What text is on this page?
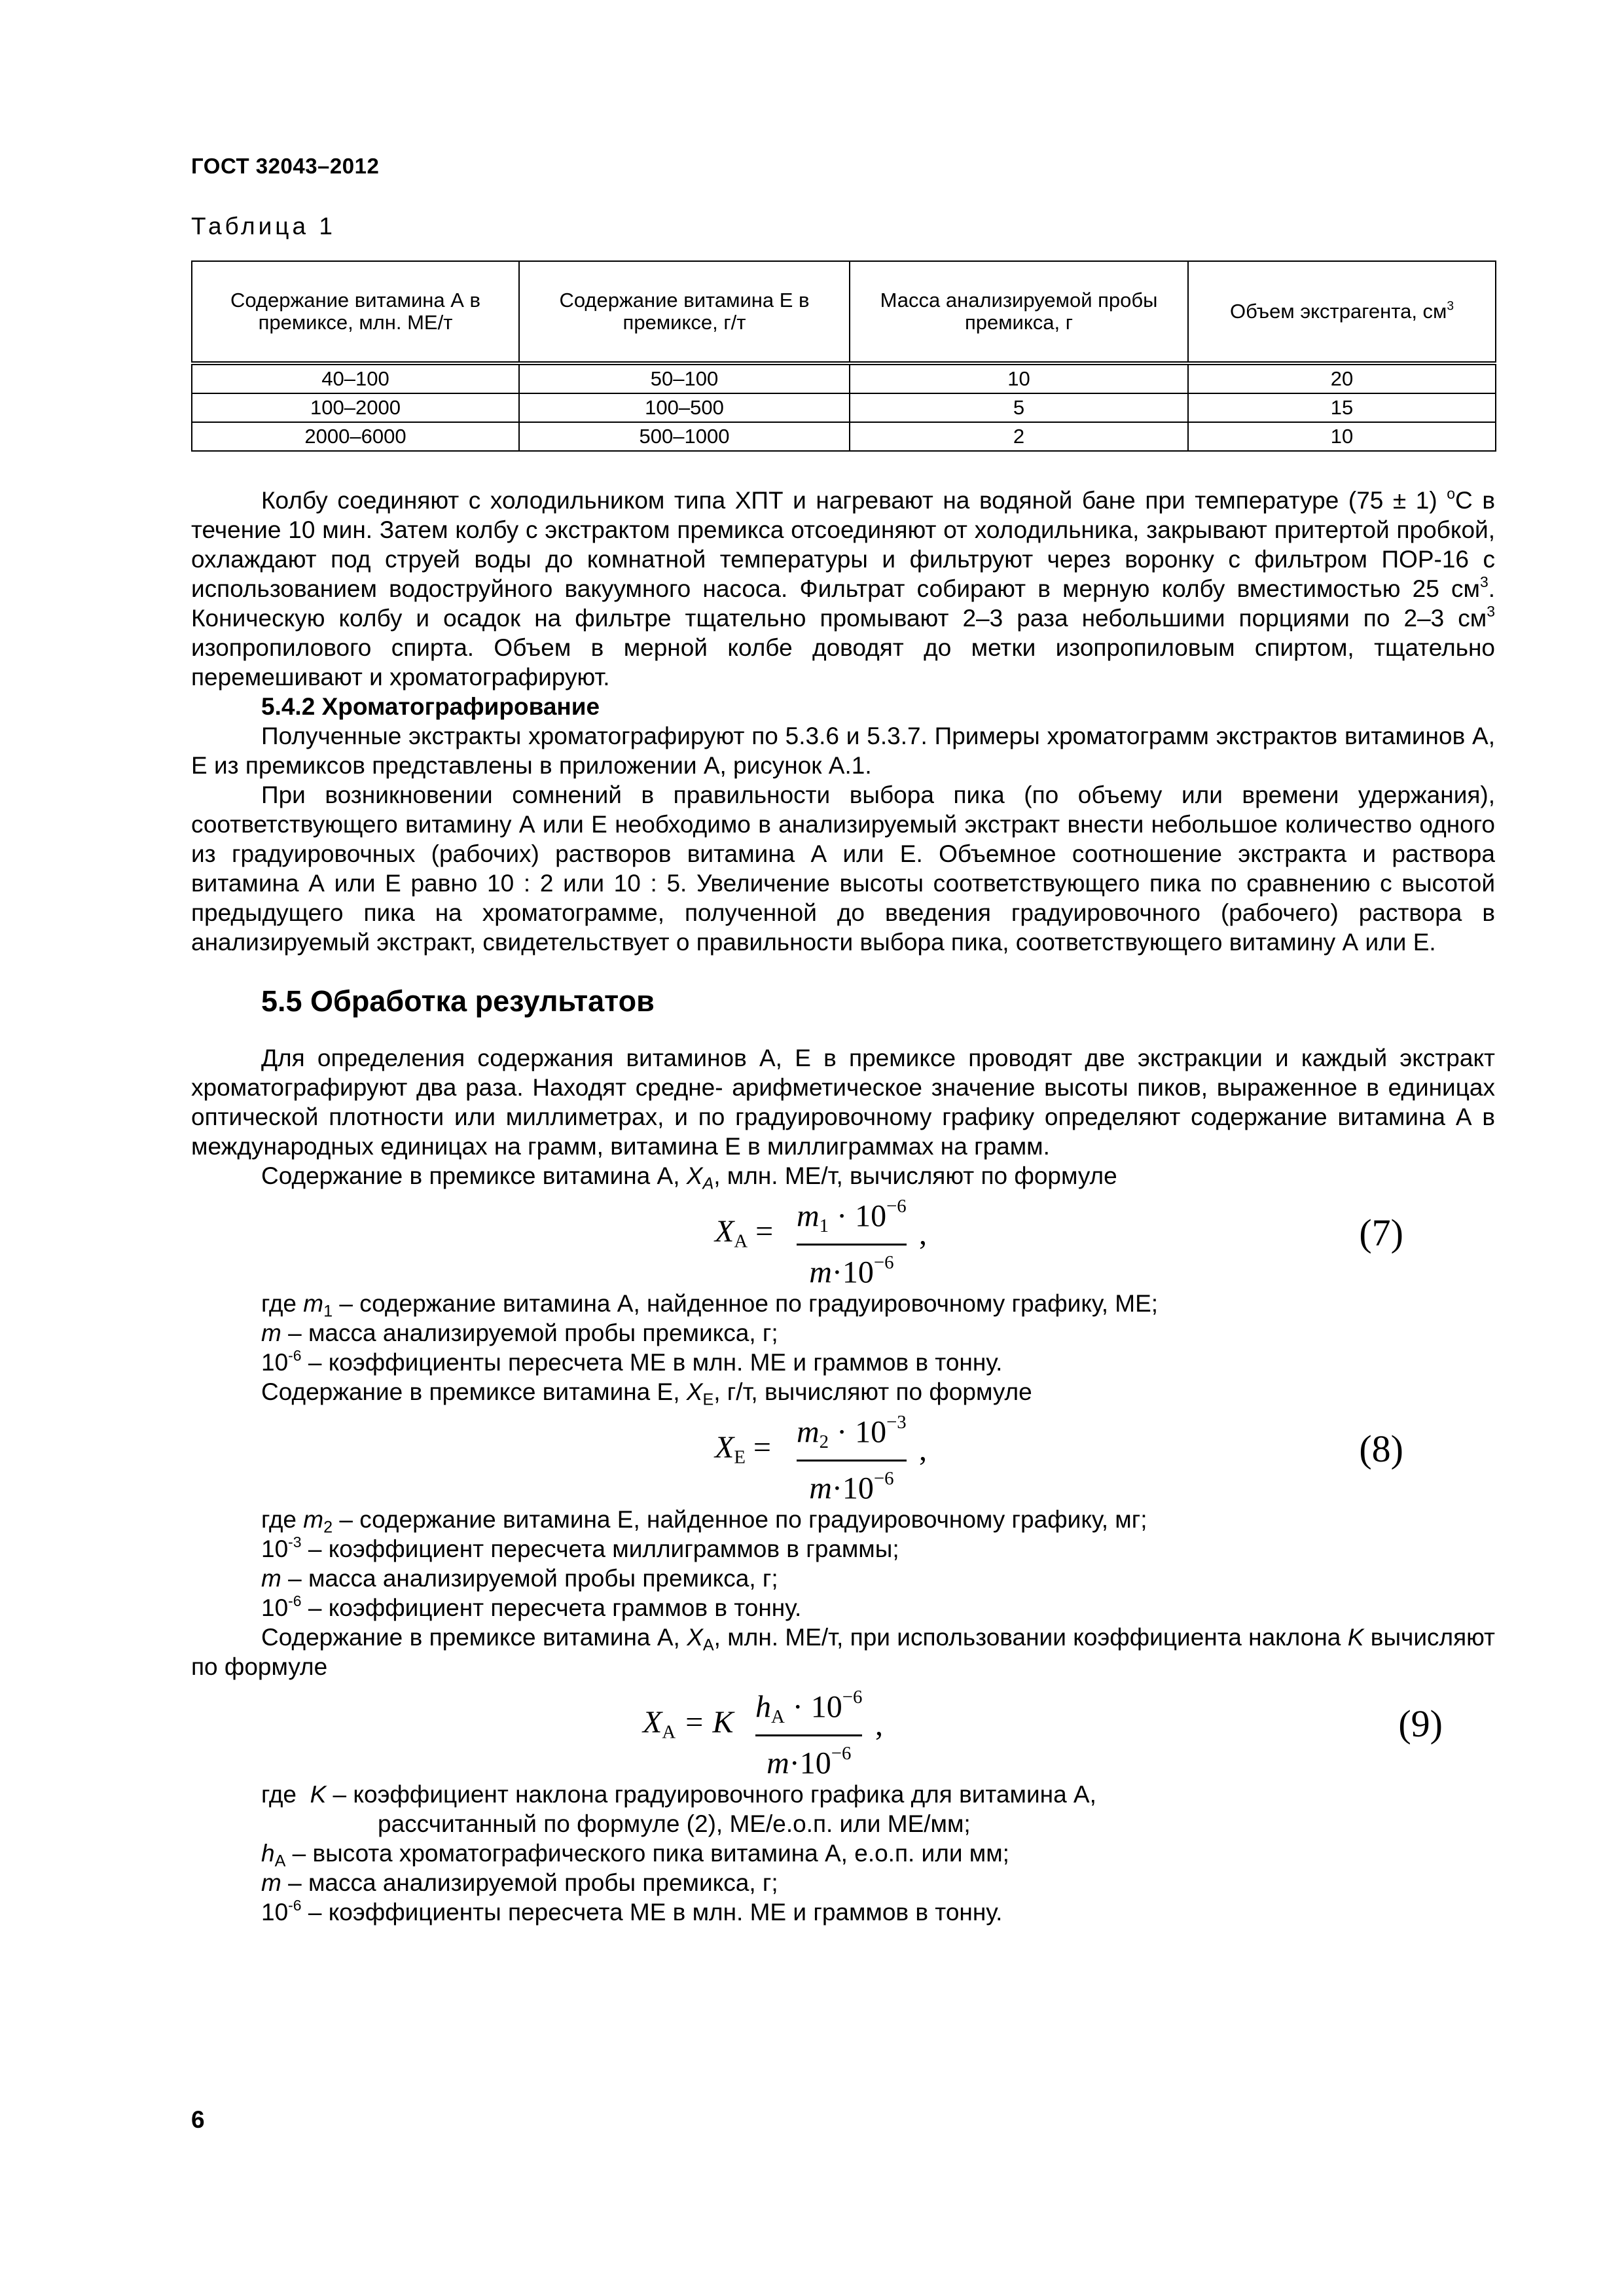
ГОСТ 32043–2012
Таблица 1
Содержание витамина А в премиксе, млн. МЕ/т	Содержание витамина Е в премиксе, г/т	Масса анализируемой пробы премикса, г	Объем экстрагента, $см^3$
40–100	50–100	10	20
100–2000	100–500	5	15
2000–6000	500–1000	2	10

Колбу соединяют с холодильником типа ХПТ и нагревают на водяной бане при температуре (75 ± 1) $^о$С в течение 10 мин. Затем колбу с экстрактом премикса отсоединяют от холодильника, закрывают притертой пробкой, охлаждают под струей воды до комнатной температуры и фильтруют через воронку с фильтром ПОР-16 с использованием водоструйного вакуумного насоса. Фильтрат собирают в мерную колбу вместимостью 25 $см^3$. Коническую колбу и осадок на фильтре тщательно промывают 2–3 раза небольшими порциями по 2–3 $см^3$ изопропилового спирта. Объем в мерной колбе доводят до метки изопропиловым спиртом, тщательно перемешивают и хроматографируют.

5.4.2 Хроматографирование

Полученные экстракты хроматографируют по 5.3.6 и 5.3.7. Примеры хроматограмм экстрактов витаминов А, Е из премиксов представлены в приложении А, рисунок А.1.

При возникновении сомнений в правильности выбора пика (по объему или времени удержания), соответствующего витамину А или Е необходимо в анализируемый экстракт внести небольшое количество одного из градуировочных (рабочих) растворов витамина А или Е. Объемное соотношение экстракта и раствора витамина А или Е равно 10 : 2 или 10 : 5. Увеличение высоты соответствующего пика по сравнению с высотой предыдущего пика на хроматограмме, полученной до введения градуировочного (рабочего) раствора в анализируемый экстракт, свидетельствует о правильности выбора пика, соответствующего витамину А или Е.

5.5 Обработка результатов

Для определения содержания витаминов А, Е в премиксе проводят две экстракции и каждый экстракт хроматографируют два раза. Находят средне- арифметическое значение высоты пиков, выраженное в единицах оптической плотности или миллиметрах, и по градуировочному графику определяют содержание витамина А в международных единицах на грамм, витамина Е в миллиграммах на грамм.

Содержание в премиксе витамина А, $X_A$, млн. МЕ/т, вычисляют по формуле

XA = $m1 \cdot 10^{-6}$
$m\cdot 10^{-6}$
,	(7)

где $m_1$ – содержание витамина А, найденное по градуировочному графику, МЕ;

m – масса анализируемой пробы премикса, г;

$10^{-6}$ – коэффициенты пересчета МЕ в млн. МЕ и граммов в тонну.

Содержание в премиксе витамина Е, $X_E$, г/т, вычисляют по формуле

XE = $m2 \cdot 10^{-3}$
$m\cdot 10^{-6}$
,	(8)

где $m_2$ – содержание витамина Е, найденное по градуировочному графику, мг;

$10^{-3}$ – коэффициент пересчета миллиграммов в граммы;

m – масса анализируемой пробы премикса, г;

$10^{-6}$ – коэффициент пересчета граммов в тонну.

Содержание в премиксе витамина А, $X_A$, млн. МЕ/т, при использовании коэффициента наклона K вычисляют по формуле

XA = K hA · $10^{-6}$
$m\cdot 10^{-6}$
,	(9)

где  K – коэффициент наклона градуировочного графика для витамина А,

рассчитанный по формуле (2), МЕ/е.о.п. или МЕ/мм;

$h_A$ – высота хроматографического пика витамина А, е.о.п. или мм;

m – масса анализируемой пробы премикса, г;

$10^{-6}$ – коэффициенты пересчета МЕ в млн. МЕ и граммов в тонну.

6
